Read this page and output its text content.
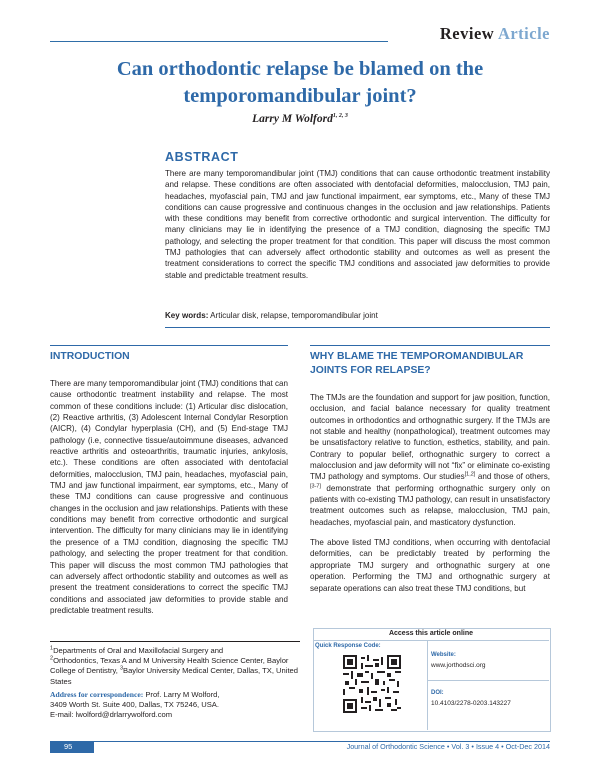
Review Article
Can orthodontic relapse be blamed on the temporomandibular joint?
Larry M Wolford$^{1, 2, 3}$
ABSTRACT
There are many temporomandibular joint (TMJ) conditions that can cause orthodontic treatment instability and relapse. These conditions are often associated with dentofacial deformities, malocclusion, TMJ pain, headaches, myofascial pain, TMJ and jaw functional impairment, ear symptoms, etc., Many of these TMJ conditions can cause progressive and continuous changes in the occlusion and jaw relationships. Patients with these conditions may benefit from corrective orthodontic and surgical intervention. The difficulty for many clinicians may lie in identifying the presence of a TMJ condition, diagnosing the specific TMJ pathology, and selecting the proper treatment for that condition. This paper will discuss the most common TMJ pathologies that can adversely affect orthodontic stability and outcomes as well as present the treatment considerations to correct the specific TMJ conditions and associated jaw deformities to provide stable and predictable treatment results.
Key words: Articular disk, relapse, temporomandibular joint
INTRODUCTION

There are many temporomandibular joint (TMJ) conditions that can cause orthodontic treatment instability and relapse. The most common of these conditions include: (1) Articular disc dislocation, (2) Reactive arthritis, (3) Adolescent Internal Condylar Resorption (AICR), (4) Condylar hyperplasia (CH), and (5) End-stage TMJ pathology (i.e, connective tissue/autoimmune diseases, advanced reactive arthritis and osteoarthritis, traumatic injuries, ankylosis, etc.). These conditions are often associated with dentofacial deformities, malocclusion, TMJ pain, headaches, myofascial pain, TMJ and jaw functional impairment, ear symptoms, etc., Many of these TMJ conditions can cause progressive and continuous changes in the occlusion and jaw relationships. Patients with these conditions may benefit from corrective orthodontic and surgical intervention. The difficulty for many clinicians may lie in identifying the presence of a TMJ condition, diagnosing the specific TMJ pathology, and selecting the proper treatment for that condition. This paper will discuss the most common TMJ pathologies that can adversely affect orthodontic stability and outcomes as well as present the treatment considerations to correct the specific TMJ conditions and associated jaw deformities to provide stable and predictable treatment results.

WHY BLAME THE TEMPOROMANDIBULAR JOINTS FOR RELAPSE?

The TMJs are the foundation and support for jaw position, function, occlusion, and facial balance necessary for quality treatment outcomes in orthodontics and orthognathic surgery. If the TMJs are not stable and healthy (nonpathological), treatment outcomes may be unsatisfactory relative to function, esthetics, stability, and pain. Contrary to popular belief, orthognathic surgery to correct a malocclusion and jaw deformity will not “fix” or eliminate co-existing TMJ pathology and symptoms. Our studies[1,2] and those of others,[3-7] demonstrate that performing orthognathic surgery only on patients with co-existing TMJ pathology, can result in unsatisfactory treatment outcomes such as relapse, malocclusion, TMJ pain, headaches, myofascial pain, and masticatory dysfunction.

The above listed TMJ conditions, when occurring with dentofacial deformities, can be predictably treated by performing the appropriate TMJ surgery and orthognathic surgery at one operation. Performing the TMJ and orthognathic surgery at separate operations can also treat these TMJ conditions, but

$^1$Departments of Oral and Maxillofacial Surgery and
$^2$Orthodontics, Texas A and M University Health Science Center, Baylor College of Dentistry, $^3$Baylor University Medical Center, Dallas, TX, United States

Address for correspondence: Prof. Larry M Wolford,
3409 Worth St. Suite 400, Dallas, TX 75246, USA.
E-mail: lwolford@drlarrywolford.com

Access this article online
Quick Response Code:
Website:
www.jorthodsci.org
DOI:
10.4103/2278-0203.143227
95	Journal of Orthodontic Science • Vol. 3 • Issue 4 • Oct-Dec 2014
